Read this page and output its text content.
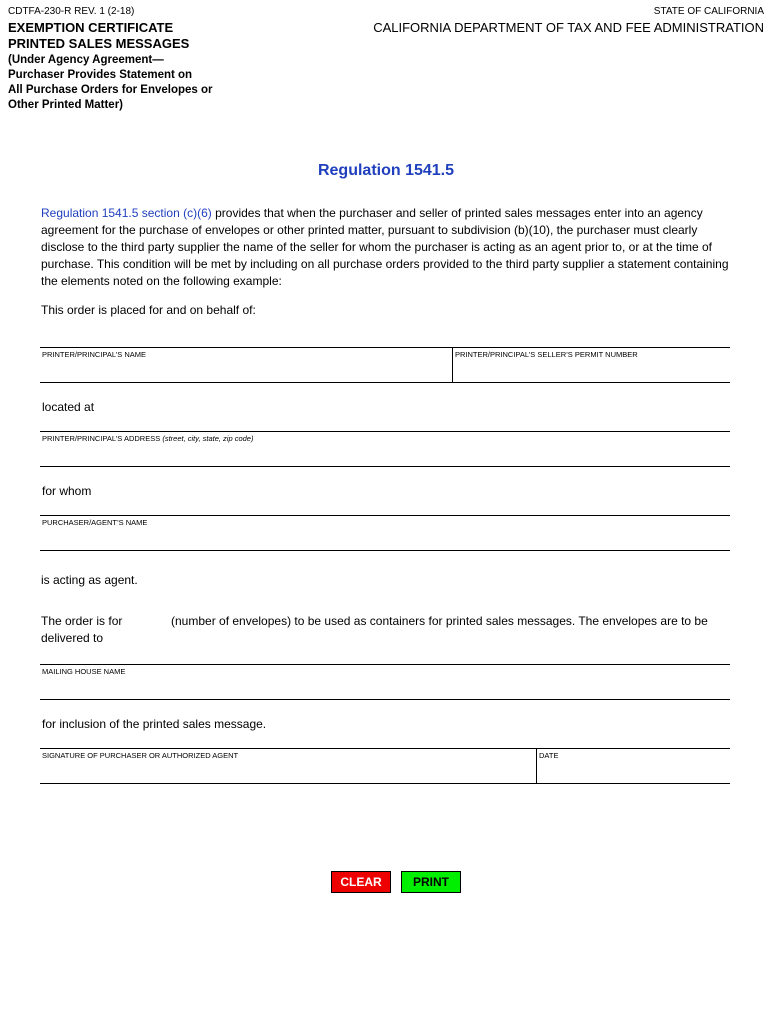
CDTFA-230-R REV. 1 (2-18)	STATE OF CALIFORNIA
CALIFORNIA DEPARTMENT OF TAX AND FEE ADMINISTRATION
EXEMPTION CERTIFICATE
PRINTED SALES MESSAGES
(Under Agency Agreement—
Purchaser Provides Statement on
All Purchase Orders for Envelopes or
Other Printed Matter)
Regulation 1541.5
Regulation 1541.5 section (c)(6) provides that when the purchaser and seller of printed sales messages enter into an agency agreement for the purchase of envelopes or other printed matter, pursuant to subdivision (b)(10), the purchaser must clearly disclose to the third party supplier the name of the seller for whom the purchaser is acting as an agent prior to, or at the time of purchase. This condition will be met by including on all purchase orders provided to the third party supplier a statement containing the elements noted on the following example:
This order is placed for and on behalf of:
PRINTER/PRINCIPAL’S NAME	PRINTER/PRINCIPAL’S SELLER’S PERMIT NUMBER
located at
PRINTER/PRINCIPAL’S ADDRESS (street, city, state, zip code)
for whom
PURCHASER/AGENT’S NAME
is acting as agent.
The order is for	(number of envelopes) to be used as containers for printed sales messages. The envelopes are to be
delivered to
MAILING HOUSE NAME
for inclusion of the printed sales message.
SIGNATURE OF PURCHASER OR AUTHORIZED AGENT	DATE
CLEAR	PRINT
